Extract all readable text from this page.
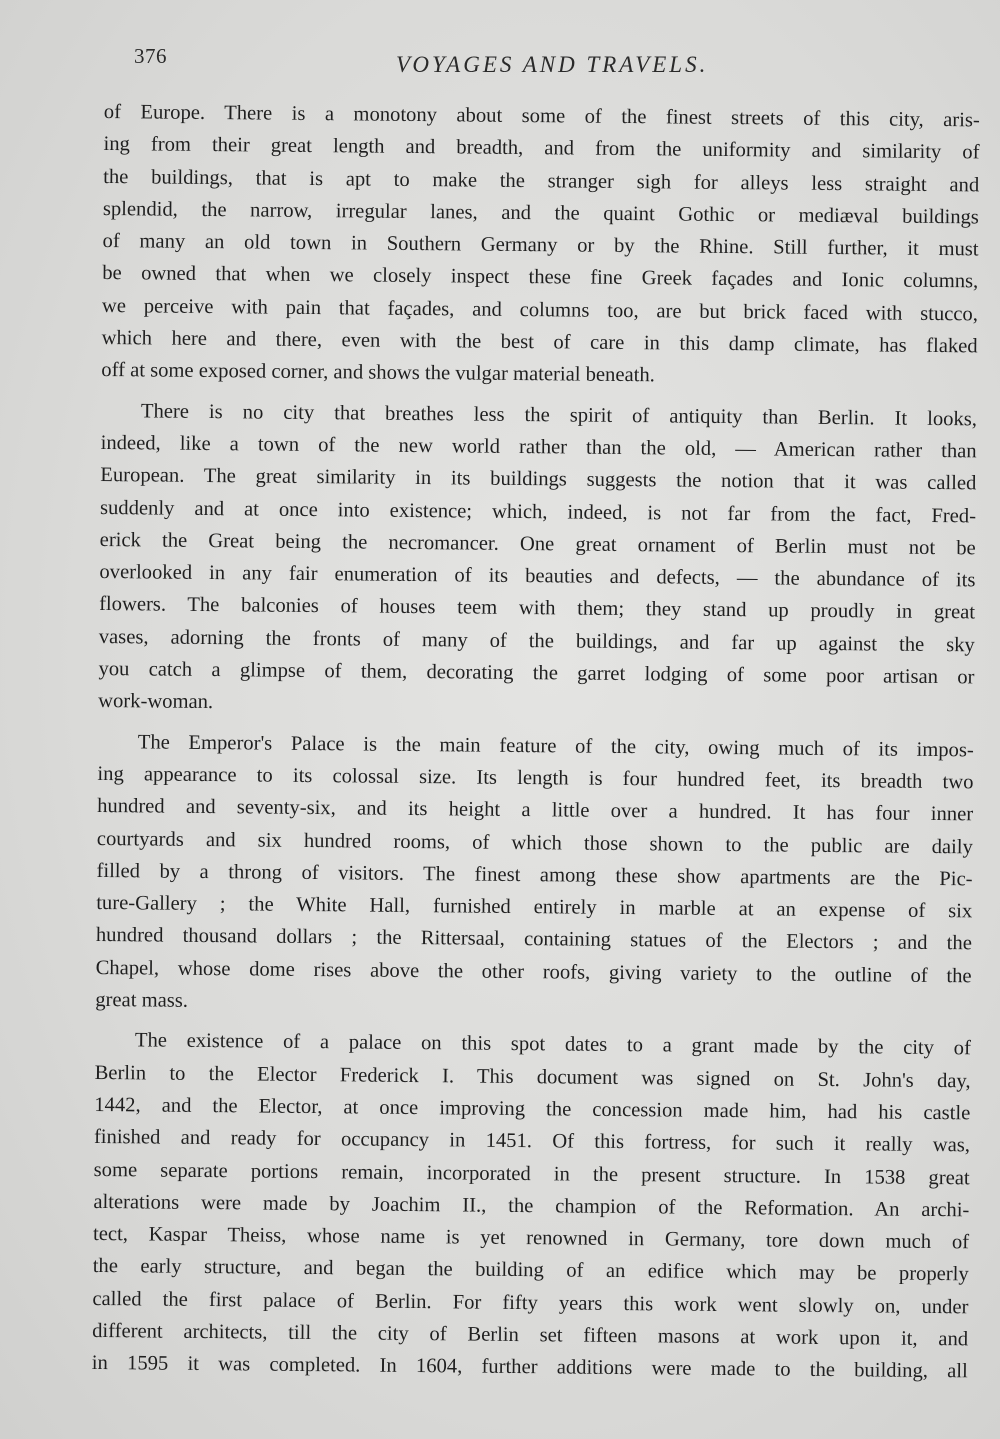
376	VOYAGES AND TRAVELS.
of Europe. There is a monotony about some of the finest streets of this city, aris-
ing from their great length and breadth, and from the uniformity and similarity of
the buildings, that is apt to make the stranger sigh for alleys less straight and
splendid, the narrow, irregular lanes, and the quaint Gothic or mediæval buildings
of many an old town in Southern Germany or by the Rhine. Still further, it must
be owned that when we closely inspect these fine Greek façades and Ionic columns,
we perceive with pain that façades, and columns too, are but brick faced with stucco,
which here and there, even with the best of care in this damp climate, has flaked
off at some exposed corner, and shows the vulgar material beneath.
There is no city that breathes less the spirit of antiquity than Berlin. It looks,
indeed, like a town of the new world rather than the old, — American rather than
European. The great similarity in its buildings suggests the notion that it was called
suddenly and at once into existence; which, indeed, is not far from the fact, Fred-
erick the Great being the necromancer. One great ornament of Berlin must not be
overlooked in any fair enumeration of its beauties and defects, — the abundance of its
flowers. The balconies of houses teem with them; they stand up proudly in great
vases, adorning the fronts of many of the buildings, and far up against the sky
you catch a glimpse of them, decorating the garret lodging of some poor artisan or
work-woman.
The Emperor's Palace is the main feature of the city, owing much of its impos-
ing appearance to its colossal size. Its length is four hundred feet, its breadth two
hundred and seventy-six, and its height a little over a hundred. It has four inner
courtyards and six hundred rooms, of which those shown to the public are daily
filled by a throng of visitors. The finest among these show apartments are the Pic-
ture-Gallery ; the White Hall, furnished entirely in marble at an expense of six
hundred thousand dollars ; the Rittersaal, containing statues of the Electors ; and the
Chapel, whose dome rises above the other roofs, giving variety to the outline of the
great mass.
The existence of a palace on this spot dates to a grant made by the city of
Berlin to the Elector Frederick I. This document was signed on St. John's day,
1442, and the Elector, at once improving the concession made him, had his castle
finished and ready for occupancy in 1451. Of this fortress, for such it really was,
some separate portions remain, incorporated in the present structure. In 1538 great
alterations were made by Joachim II., the champion of the Reformation. An archi-
tect, Kaspar Theiss, whose name is yet renowned in Germany, tore down much of
the early structure, and began the building of an edifice which may be properly
called the first palace of Berlin. For fifty years this work went slowly on, under
different architects, till the city of Berlin set fifteen masons at work upon it, and
in 1595 it was completed. In 1604, further additions were made to the building, all
